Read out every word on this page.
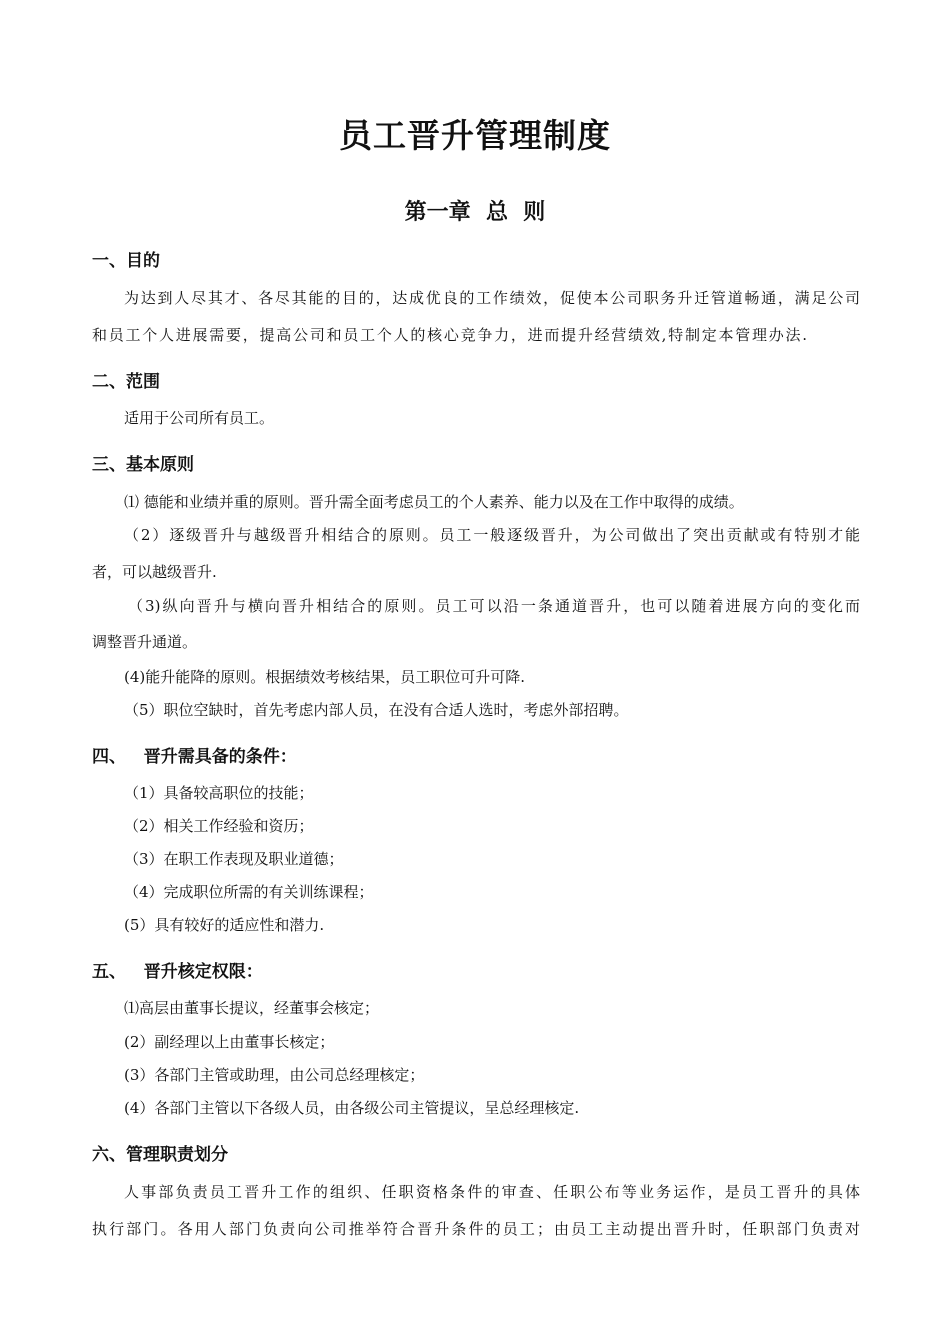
员工晋升管理制度
第一章  总  则
一、目的
为达到人尽其才、各尽其能的目的，达成优良的工作绩效，促使本公司职务升迁管道畅通，满足公司
和员工个人进展需要，提高公司和员工个人的核心竞争力，进而提升经营绩效,特制定本管理办法.
二、范围
适用于公司所有员工。
三、基本原则
⑴ 德能和业绩并重的原则。晋升需全面考虑员工的个人素养、能力以及在工作中取得的成绩。
（2）逐级晋升与越级晋升相结合的原则。员工一般逐级晋升，为公司做出了突出贡献或有特别才能
者，可以越级晋升.
（3)纵向晋升与横向晋升相结合的原则。员工可以沿一条通道晋升，也可以随着进展方向的变化而
调整晋升通道。
(4)能升能降的原则。根据绩效考核结果，员工职位可升可降.
（5）职位空缺时，首先考虑内部人员，在没有合适人选时，考虑外部招聘。
四、   晋升需具备的条件：
（1）具备较高职位的技能；
（2）相关工作经验和资历；
（3）在职工作表现及职业道德；
（4）完成职位所需的有关训练课程；
(5）具有较好的适应性和潜力.
五、   晋升核定权限：
⑴高层由董事长提议，经董事会核定；
(2）副经理以上由董事长核定；
(3）各部门主管或助理，由公司总经理核定；
(4）各部门主管以下各级人员，由各级公司主管提议，呈总经理核定.
六、管理职责划分
人事部负责员工晋升工作的组织、任职资格条件的审查、任职公布等业务运作，是员工晋升的具体
执行部门。各用人部门负责向公司推举符合晋升条件的员工；由员工主动提出晋升时，任职部门负责对
